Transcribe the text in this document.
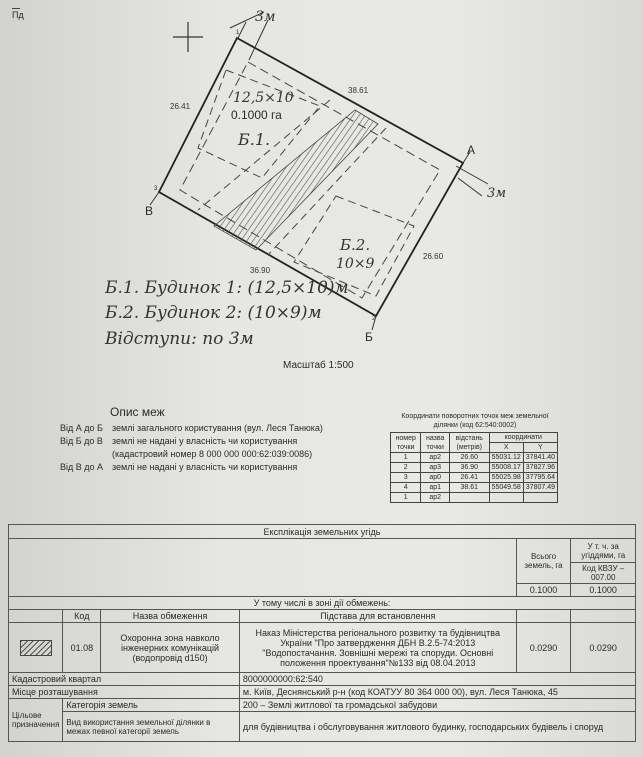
Пд	3м
3м
26.41
38.61
26.60
36.90
А
В
Б
1
2
3
12,5×10
0.1000 га
Б.1.
Б.2.
10×9
Б.1. Будинок 1: (12,5×10)м
Б.2. Будинок 2: (10×9)м
Відступи: по 3м
Масштаб 1:500
Опис меж
Від А до Б землі загального користування (вул. Леся Танюка)
Від Б до В землі не надані у власність чи користування
(кадастровий номер 8 000 000 000:62:039:0086)
Від В до А землі не надані у власність чи користування
Координати поворотних точок меж земельної
ділянки (код 62:540:0002)
номер точки	назва точки	відстань (метрів)	координати	
			X	Y
1	ар2	26.60	55031.12	37841.40
2	ар3	36.90	55008.17	37827.96
3	ар0	26.41	55025.98	37795.64
4	ар1	38.61	55049.58	37807.49
1	ар2			
Експлікація земельних угідь					
				Всього земель, га	У т. ч. за угіддями, га
					Код КВЗУ – 007.00
				0.1000	0.1000
У тому числі в зоні дії обмежень:					
	Код	Назва обмеження	Підстава для встановлення		

	01.08	Охоронна зона навколо інженерних комунікацій (водопровід d150)	Наказ Міністерства регіонального розвитку та будівництва України "Про затвердження ДБН В.2.5-74:2013 "Водопостачання. Зовнішні мережі та споруди. Основні положення проектування"№133 від 08.04.2013	0.0290	0.0290
Кадастровий квартал			8000000000:62:540		
Місце розташування			м. Київ, Деснянський р-н (код КОАТУУ 80 364 000 00), вул. Леся Танюка, 45		
Цільове призначення	Категорія земель		200 – Землі житлової та громадської забудови		
	Вид використання земельної ділянки в межах певної категорії земель		для будівництва і обслуговування житлового будинку, господарських будівель і споруд		
